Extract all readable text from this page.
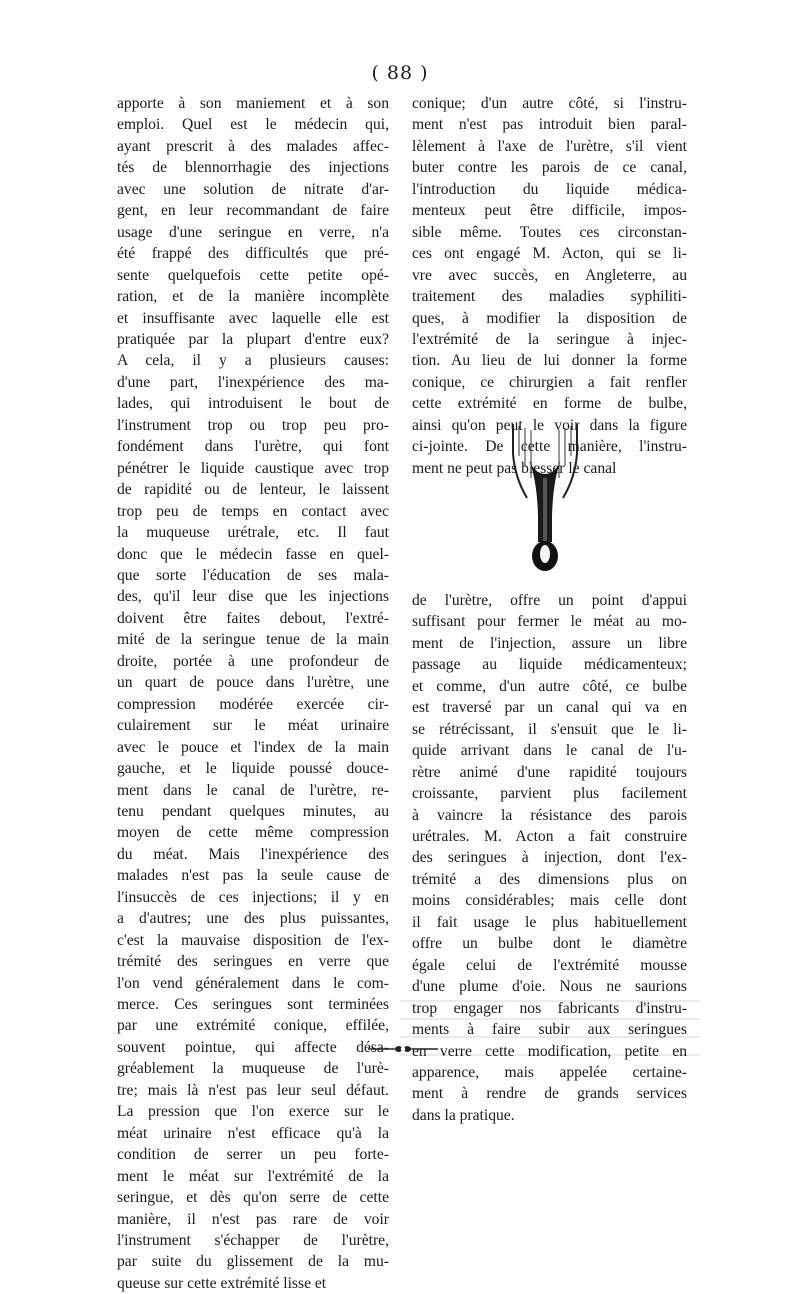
( 88 )
apporte à son maniement et à son
emploi. Quel est le médecin qui,
ayant prescrit à des malades affec-
tés de blennorrhagie des injections
avec une solution de nitrate d'ar-
gent, en leur recommandant de faire
usage d'une seringue en verre, n'a
été frappé des difficultés que pré-
sente quelquefois cette petite opé-
ration, et de la manière incomplète
et insuffisante avec laquelle elle est
pratiquée par la plupart d'entre eux?
A cela, il y a plusieurs causes:
d'une part, l'inexpérience des ma-
lades, qui introduisent le bout de
l'instrument trop ou trop peu pro-
fondément dans l'urètre, qui font
pénétrer le liquide caustique avec trop
de rapidité ou de lenteur, le laissent
trop peu de temps en contact avec
la muqueuse urétrale, etc. Il faut
donc que le médecin fasse en quel-
que sorte l'éducation de ses mala-
des, qu'il leur dise que les injections
doivent être faites debout, l'extré-
mité de la seringue tenue de la main
droite, portée à une profondeur de
un quart de pouce dans l'urètre, une
compression modérée exercée cir-
culairement sur le méat urinaire
avec le pouce et l'index de la main
gauche, et le liquide poussé douce-
ment dans le canal de l'urètre, re-
tenu pendant quelques minutes, au
moyen de cette même compression
du méat. Mais l'inexpérience des
malades n'est pas la seule cause de
l'insuccès de ces injections; il y en
a d'autres; une des plus puissantes,
c'est la mauvaise disposition de l'ex-
trémité des seringues en verre que
l'on vend généralement dans le com-
merce. Ces seringues sont terminées
par une extrémité conique, effilée,
souvent pointue, qui affecte désa-
gréablement la muqueuse de l'urè-
tre; mais là n'est pas leur seul défaut.
La pression que l'on exerce sur le
méat urinaire n'est efficace qu'à la
condition de serrer un peu forte-
ment le méat sur l'extrémité de la
seringue, et dès qu'on serre de cette
manière, il n'est pas rare de voir
l'instrument s'échapper de l'urètre,
par suite du glissement de la mu-
queuse sur cette extrémité lisse et
conique; d'un autre côté, si l'instru-
ment n'est pas introduit bien paral-
lèlement à l'axe de l'urètre, s'il vient
buter contre les parois de ce canal,
l'introduction du liquide médica-
menteux peut être difficile, impos-
sible même. Toutes ces circonstan-
ces ont engagé M. Acton, qui se li-
vre avec succès, en Angleterre, au
traitement des maladies syphiliti-
ques, à modifier la disposition de
l'extrémité de la seringue à injec-
tion. Au lieu de lui donner la forme
conique, ce chirurgien a fait renfler
cette extrémité en forme de bulbe,
ainsi qu'on peut le voir dans la figure
ci-jointe. De cette manière, l'instru-
ment ne peut pas blesser le canal
de l'urètre, offre un point d'appui
suffisant pour fermer le méat au mo-
ment de l'injection, assure un libre
passage au liquide médicamenteux;
et comme, d'un autre côté, ce bulbe
est traversé par un canal qui va en
se rétrécissant, il s'ensuit que le li-
quide arrivant dans le canal de l'u-
rètre animé d'une rapidité toujours
croissante, parvient plus facilement
à vaincre la résistance des parois
urétrales. M. Acton a fait construire
des seringues à injection, dont l'ex-
trémité a des dimensions plus on
moins considérables; mais celle dont
il fait usage le plus habituellement
offre un bulbe dont le diamètre
égale celui de l'extrémité mousse
d'une plume d'oie. Nous ne saurions
trop engager nos fabricants d'instru-
ments à faire subir aux seringues
en verre cette modification, petite en
apparence, mais appelée certaine-
ment à rendre de grands services
dans la pratique.
